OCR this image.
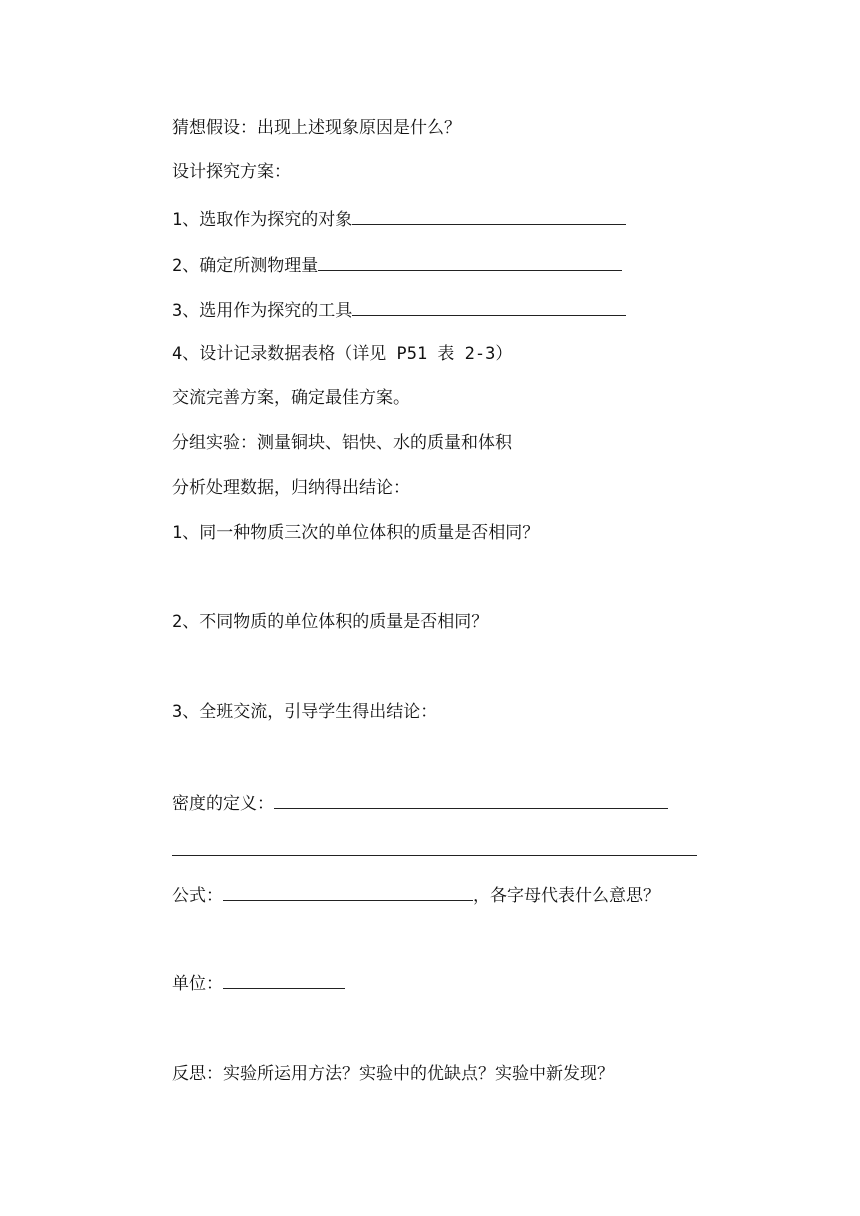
猜想假设：出现上述现象原因是什么？
设计探究方案：
1、选取作为探究的对象
2、确定所测物理量
3、选用作为探究的工具
4、设计记录数据表格（详见 P51 表 2-3）
交流完善方案，确定最佳方案。
分组实验：测量铜块、铝快、水的质量和体积
分析处理数据，归纳得出结论：
1、同一种物质三次的单位体积的质量是否相同？
2、不同物质的单位体积的质量是否相同？
3、全班交流，引导学生得出结论：
密度的定义：
公式：	，各字母代表什么意思？
单位：
反思：实验所运用方法？实验中的优缺点？实验中新发现？
